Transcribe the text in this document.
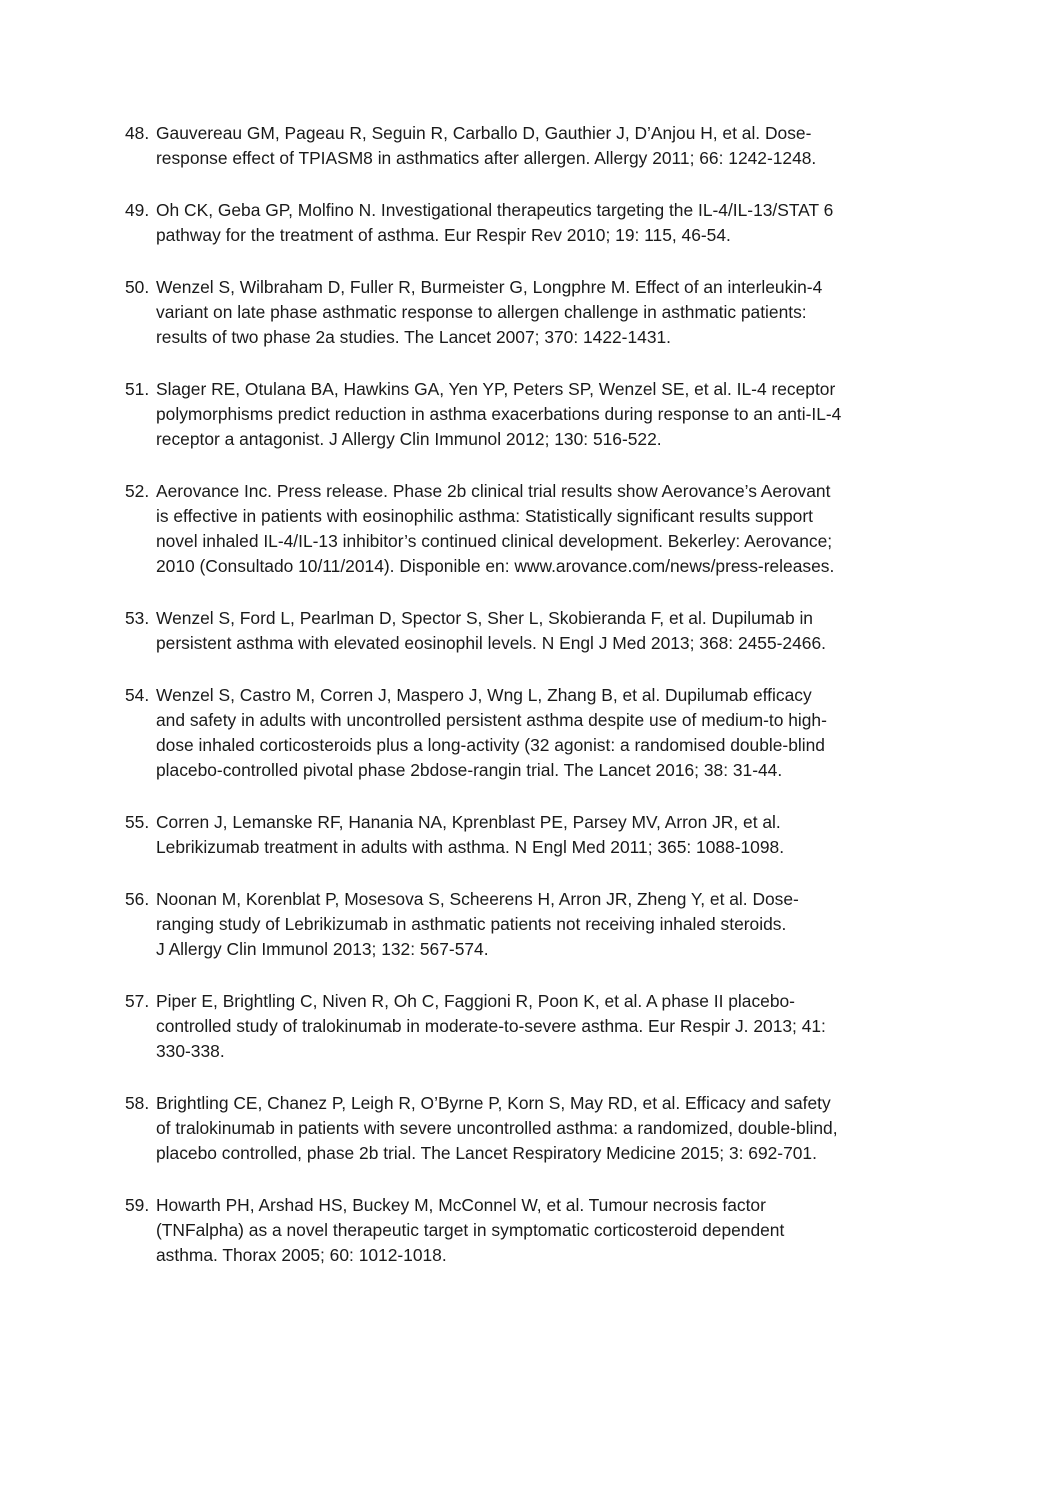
48. Gauvereau GM, Pageau R, Seguin R, Carballo D, Gauthier J, D’Anjou H, et al. Dose-
response effect of TPIASM8 in asthmatics after allergen. Allergy 2011; 66: 1242-1248.
49. Oh CK, Geba GP, Molfino N. Investigational therapeutics targeting the IL-4/IL-13/STAT 6
pathway for the treatment of asthma. Eur Respir Rev 2010; 19: 115, 46-54.
50. Wenzel S, Wilbraham D, Fuller R, Burmeister G, Longphre M. Effect of an interleukin-4
variant on late phase asthmatic response to allergen challenge in asthmatic patients:
results of two phase 2a studies. The Lancet 2007; 370: 1422-1431.
51. Slager RE, Otulana BA, Hawkins GA, Yen YP, Peters SP, Wenzel SE, et al. IL-4 receptor
polymorphisms predict reduction in asthma exacerbations during response to an anti-IL-4
receptor a antagonist. J Allergy Clin Immunol 2012; 130: 516-522.
52. Aerovance Inc. Press release. Phase 2b clinical trial results show Aerovance’s Aerovant
is effective in patients with eosinophilic asthma: Statistically significant results support
novel inhaled IL-4/IL-13 inhibitor’s continued clinical development. Bekerley: Aerovance;
2010 (Consultado 10/11/2014). Disponible en: www.arovance.com/news/press-releases.
53. Wenzel S, Ford L, Pearlman D, Spector S, Sher L, Skobieranda F, et al. Dupilumab in
persistent asthma with elevated eosinophil levels. N Engl J Med 2013; 368: 2455-2466.
54. Wenzel S, Castro M, Corren J, Maspero J, Wng L, Zhang B, et al. Dupilumab efficacy
and safety in adults with uncontrolled persistent asthma despite use of medium-to high-
dose inhaled corticosteroids plus a long-activity (32 agonist: a randomised double-blind
placebo-controlled pivotal phase 2bdose-rangin trial. The Lancet 2016; 38: 31-44.
55. Corren J, Lemanske RF, Hanania NA, Kprenblast PE, Parsey MV, Arron JR, et al.
Lebrikizumab treatment in adults with asthma. N Engl Med 2011; 365: 1088-1098.
56. Noonan M, Korenblat P, Mosesova S, Scheerens H, Arron JR, Zheng Y, et al. Dose-
ranging study of Lebrikizumab in asthmatic patients not receiving inhaled steroids.
J Allergy Clin Immunol 2013; 132: 567-574.
57. Piper E, Brightling C, Niven R, Oh C, Faggioni R, Poon K, et al. A phase II placebo-
controlled study of tralokinumab in moderate-to-severe asthma. Eur Respir J. 2013; 41:
330-338.
58. Brightling CE, Chanez P, Leigh R, O’Byrne P, Korn S, May RD, et al. Efficacy and safety
of tralokinumab in patients with severe uncontrolled asthma: a randomized, double-blind,
placebo controlled, phase 2b trial. The Lancet Respiratory Medicine 2015; 3: 692-701.
59. Howarth PH, Arshad HS, Buckey M, McConnel W, et al. Tumour necrosis factor
(TNFalpha) as a novel therapeutic target in symptomatic corticosteroid dependent
asthma. Thorax 2005; 60: 1012-1018.
